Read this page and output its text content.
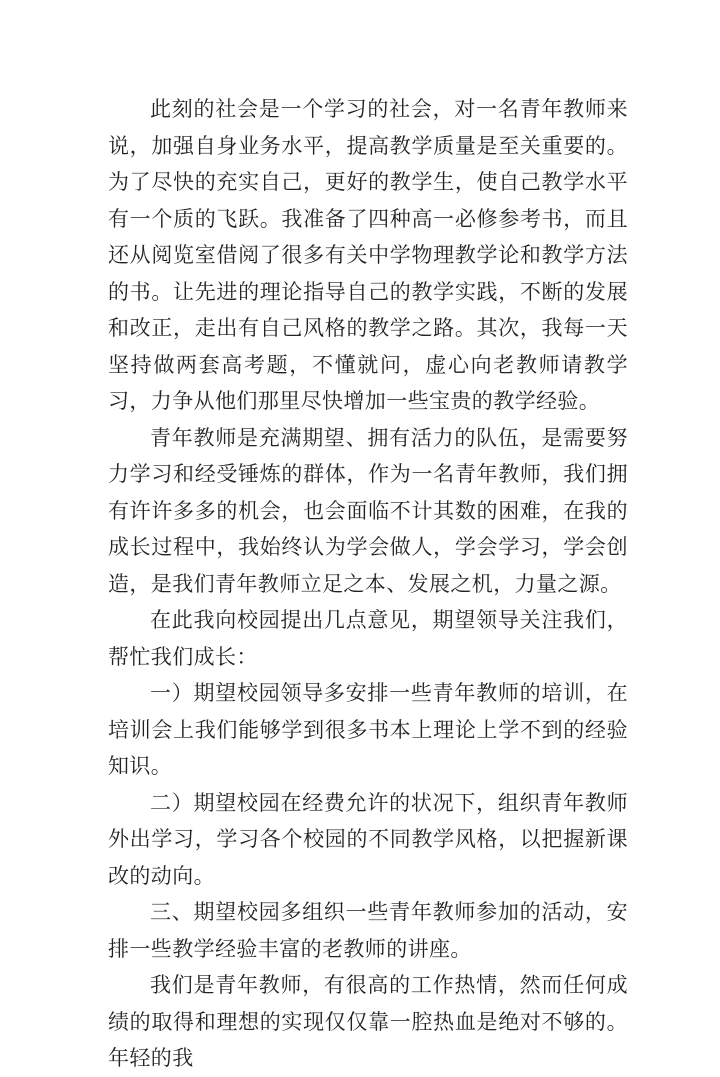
此刻的社会是一个学习的社会，对一名青年教师来说，加强自身业务水平，提高教学质量是至关重要的。为了尽快的充实自己，更好的教学生，使自己教学水平有一个质的飞跃。我准备了四种高一必修参考书，而且还从阅览室借阅了很多有关中学物理教学论和教学方法的书。让先进的理论指导自己的教学实践，不断的发展和改正，走出有自己风格的教学之路。其次，我每一天坚持做两套高考题，不懂就问，虚心向老教师请教学习，力争从他们那里尽快增加一些宝贵的教学经验。

青年教师是充满期望、拥有活力的队伍，是需要努力学习和经受锤炼的群体，作为一名青年教师，我们拥有许许多多的机会，也会面临不计其数的困难，在我的成长过程中，我始终认为学会做人，学会学习，学会创造，是我们青年教师立足之本、发展之机，力量之源。

在此我向校园提出几点意见，期望领导关注我们，帮忙我们成长：

一）期望校园领导多安排一些青年教师的培训，在培训会上我们能够学到很多书本上理论上学不到的经验知识。

二）期望校园在经费允许的状况下，组织青年教师外出学习，学习各个校园的不同教学风格，以把握新课改的动向。

三、期望校园多组织一些青年教师参加的活动，安排一些教学经验丰富的老教师的讲座。

我们是青年教师，有很高的工作热情，然而任何成绩的取得和理想的实现仅仅靠一腔热血是绝对不够的。年轻的我
